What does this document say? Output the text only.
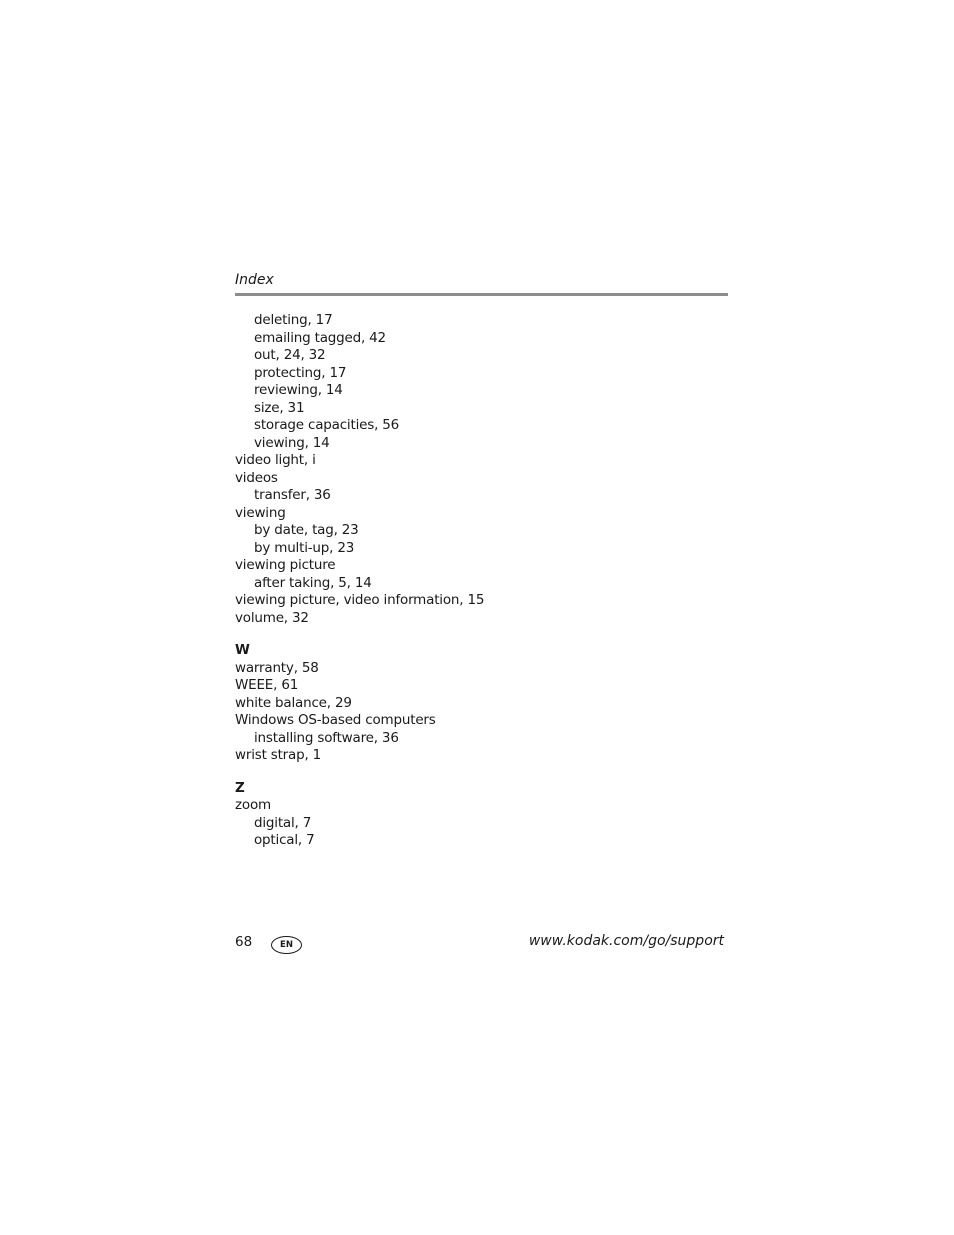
Index
deleting, 17
emailing tagged, 42
out, 24, 32
protecting, 17
reviewing, 14
size, 31
storage capacities, 56
viewing, 14
video light, i
videos
transfer, 36
viewing
by date, tag, 23
by multi-up, 23
viewing picture
after taking, 5, 14
viewing picture, video information, 15
volume, 32
W
warranty, 58
WEEE, 61
white balance, 29
Windows OS-based computers
installing software, 36
wrist strap, 1
Z
zoom
digital, 7
optical, 7
68	EN	www.kodak.com/go/support
